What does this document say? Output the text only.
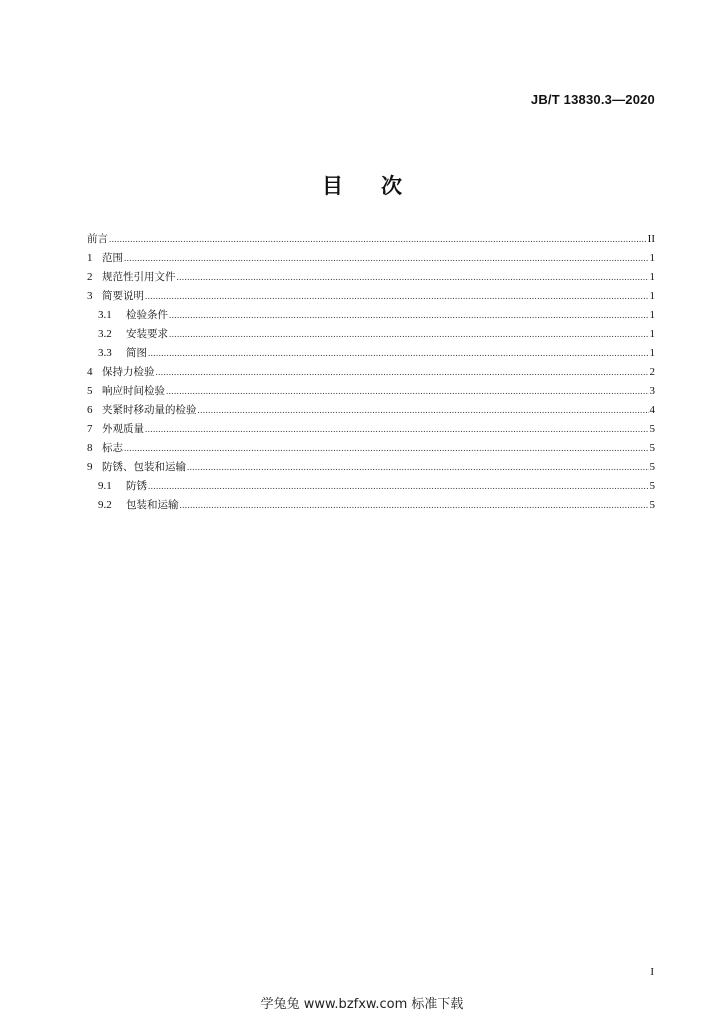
JB/T 13830.3—2020
目 次
前言 .....	II
1 范围 .....	1
2 规范性引用文件 .....	1
3 简要说明 .....	1
3.1	检验条件 .....	1
3.2	安装要求 .....	1
3.3	简图 .....	1
4 保持力检验 .....	2
5 响应时间检验 .....	3
6 夹紧时移动量的检验 .....	4
7 外观质量 .....	5
8 标志 .....	5
9 防锈、包装和运输 .....	5
9.1	防锈 .....	5
9.2	包装和运输 .....	5
I
学兔兔 www.bzfxw.com 标准下载
